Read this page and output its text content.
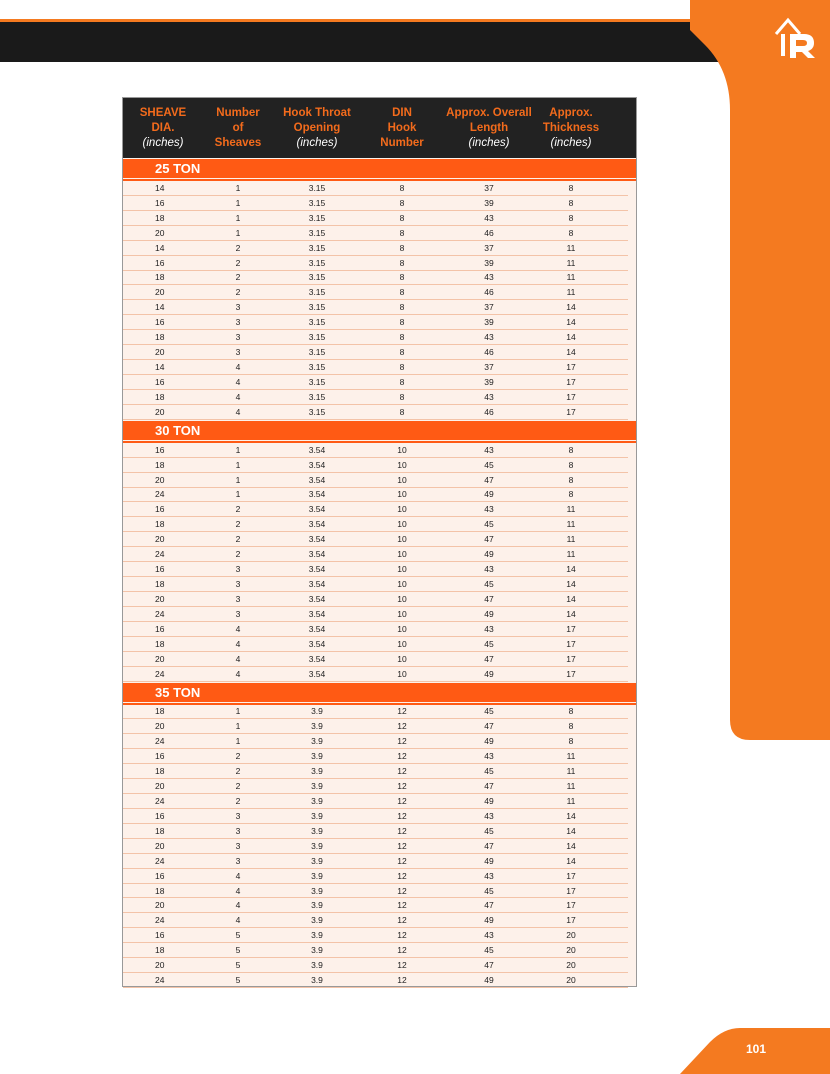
101
SHEAVE
DIA.
(inches)
Number
of
Sheaves
Hook Throat
Opening
(inches)
DIN
Hook
Number
Approx. Overall
Length
(inches)
Approx.
Thickness
(inches)
25 TON
14	1	3.15	8	37	8
16	1	3.15	8	39	8
18	1	3.15	8	43	8
20	1	3.15	8	46	8
14	2	3.15	8	37	11
16	2	3.15	8	39	11
18	2	3.15	8	43	11
20	2	3.15	8	46	11
14	3	3.15	8	37	14
16	3	3.15	8	39	14
18	3	3.15	8	43	14
20	3	3.15	8	46	14
14	4	3.15	8	37	17
16	4	3.15	8	39	17
18	4	3.15	8	43	17
20	4	3.15	8	46	17
30 TON
16	1	3.54	10	43	8
18	1	3.54	10	45	8
20	1	3.54	10	47	8
24	1	3.54	10	49	8
16	2	3.54	10	43	11
18	2	3.54	10	45	11
20	2	3.54	10	47	11
24	2	3.54	10	49	11
16	3	3.54	10	43	14
18	3	3.54	10	45	14
20	3	3.54	10	47	14
24	3	3.54	10	49	14
16	4	3.54	10	43	17
18	4	3.54	10	45	17
20	4	3.54	10	47	17
24	4	3.54	10	49	17
35 TON
18	1	3.9	12	45	8
20	1	3.9	12	47	8
24	1	3.9	12	49	8
16	2	3.9	12	43	11
18	2	3.9	12	45	11
20	2	3.9	12	47	11
24	2	3.9	12	49	11
16	3	3.9	12	43	14
18	3	3.9	12	45	14
20	3	3.9	12	47	14
24	3	3.9	12	49	14
16	4	3.9	12	43	17
18	4	3.9	12	45	17
20	4	3.9	12	47	17
24	4	3.9	12	49	17
16	5	3.9	12	43	20
18	5	3.9	12	45	20
20	5	3.9	12	47	20
24	5	3.9	12	49	20
